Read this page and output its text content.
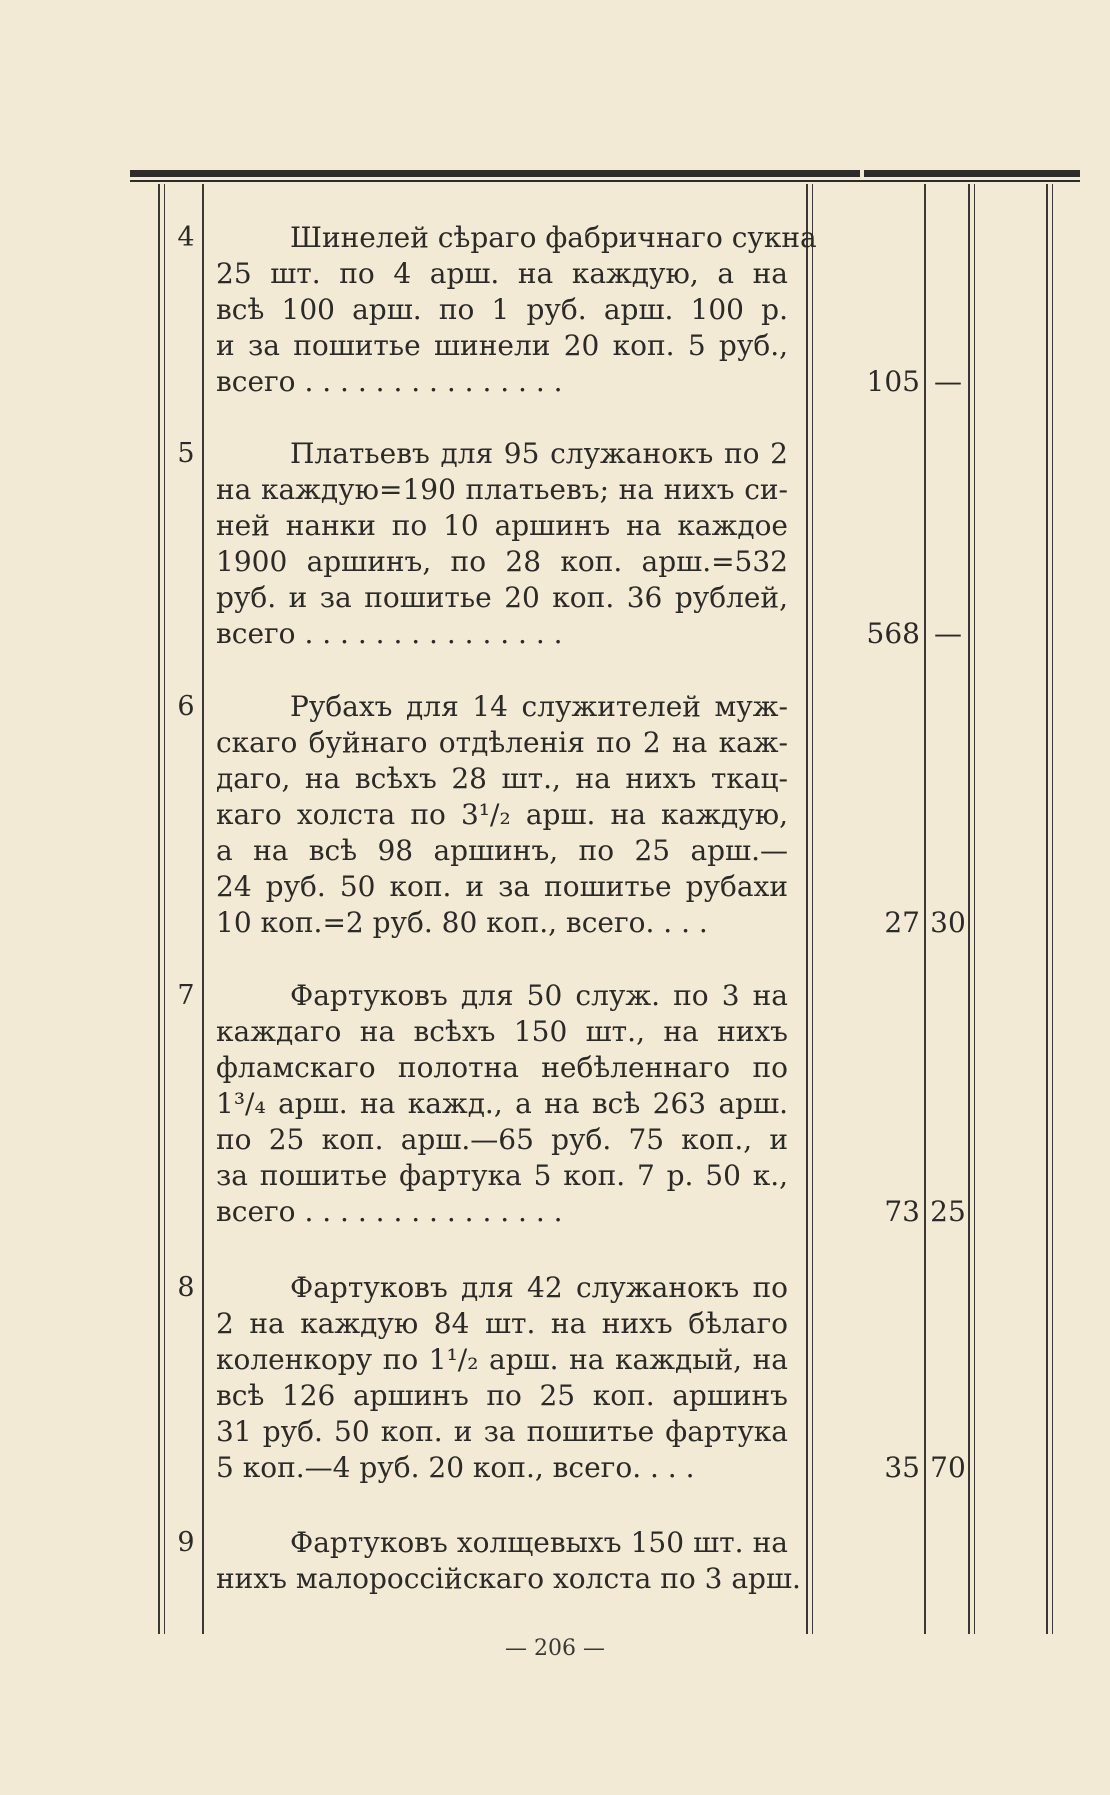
4	Шинелей сѣраго фабричнаго сукна
25 шт. по 4 арш. на каждую, а на
всѣ 100 арш. по 1 руб. арш. 100 р.
и за пошитье шинели 20 коп. 5 руб.,
всего . . . . . . . . . . . . . . .	105 —
5	Платьевъ для 95 служанокъ по 2
на каждую=190 платьевъ; на нихъ си-
ней нанки по 10 аршинъ на каждое
1900 аршинъ, по 28 коп. арш.=532
руб. и за пошитье 20 коп. 36 рублей,
всего . . . . . . . . . . . . . . .	568 —
6	Рубахъ для 14 служителей муж-
скаго буйнаго отдѣленія по 2 на каж-
даго, на всѣхъ 28 шт., на нихъ ткац-
каго холста по 3¹/₂ арш. на каждую,
а на всѣ 98 аршинъ, по 25 арш.—
24 руб. 50 коп. и за пошитье рубахи
10 коп.=2 руб. 80 коп., всего. . . .	27 30
7	Фартуковъ для 50 служ. по 3 на
каждаго на всѣхъ 150 шт., на нихъ
фламскаго полотна небѣленнаго по
1³/₄ арш. на кажд., а на всѣ 263 арш.
по 25 коп. арш.—65 руб. 75 коп., и
за пошитье фартука 5 коп. 7 р. 50 к.,
всего . . . . . . . . . . . . . . .	73 25
8	Фартуковъ для 42 служанокъ по
2 на каждую 84 шт. на нихъ бѣлаго
коленкору по 1¹/₂ арш. на каждый, на
всѣ 126 аршинъ по 25 коп. аршинъ
31 руб. 50 коп. и за пошитье фартука
5 коп.—4 руб. 20 коп., всего. . . .	35 70
9	Фартуковъ холщевыхъ 150 шт. на
нихъ малороссійскаго холста по 3 арш.
— 206 —
